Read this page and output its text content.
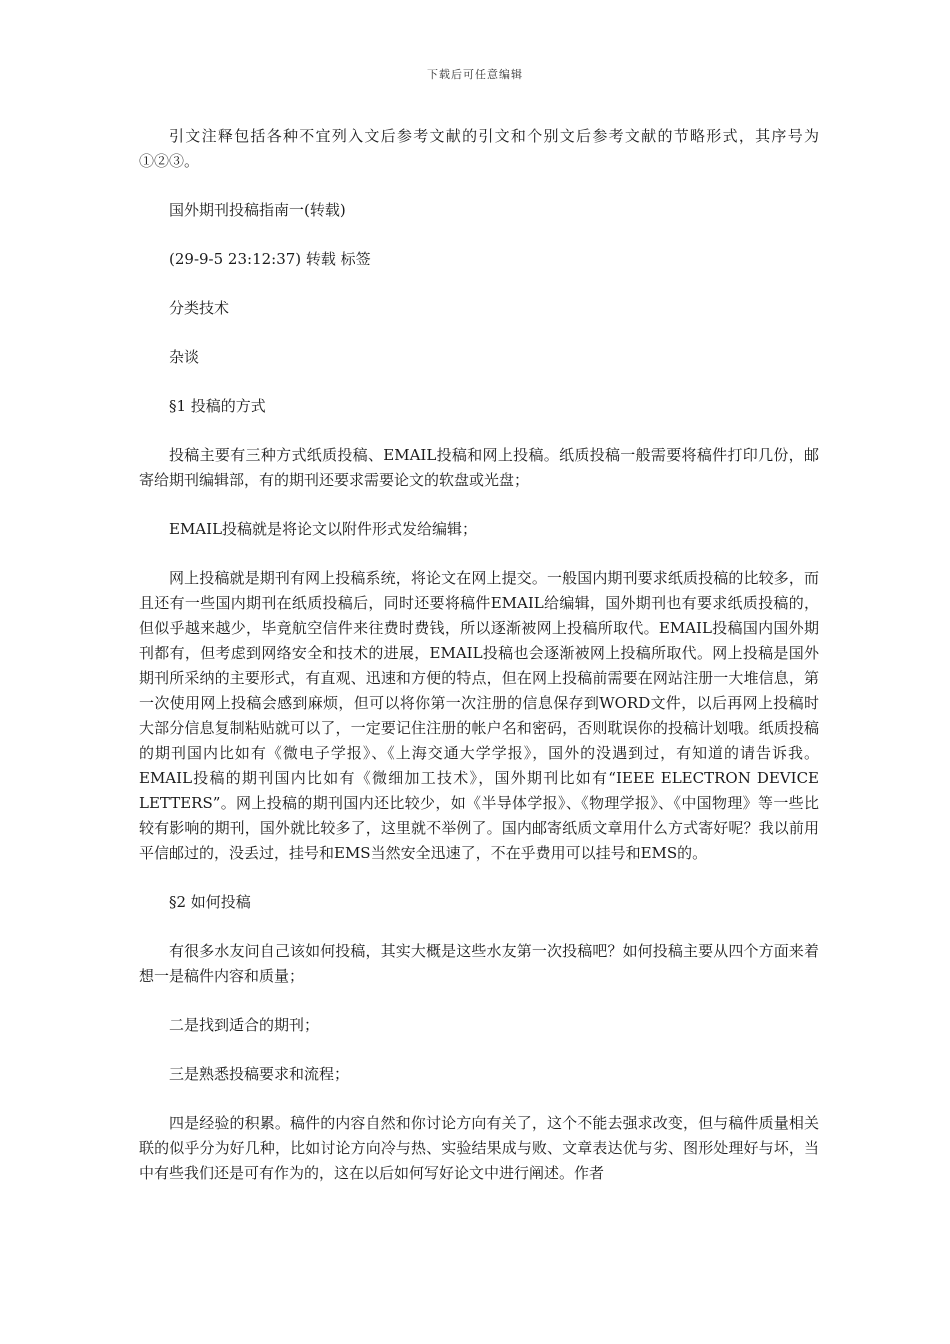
下载后可任意编辑

引文注释包括各种不宜列入文后参考文献的引文和个别文后参考文献的节略形式，其序号为①②③。

国外期刊投稿指南一(转载)

(29-9-5 23:12:37) 转载 标签

分类技术

杂谈

§1 投稿的方式

投稿主要有三种方式纸质投稿、EMAIL投稿和网上投稿。纸质投稿一般需要将稿件打印几份，邮寄给期刊编辑部，有的期刊还要求需要论文的软盘或光盘；

EMAIL投稿就是将论文以附件形式发给编辑；

网上投稿就是期刊有网上投稿系统，将论文在网上提交。一般国内期刊要求纸质投稿的比较多，而且还有一些国内期刊在纸质投稿后，同时还要将稿件EMAIL给编辑，国外期刊也有要求纸质投稿的，但似乎越来越少，毕竟航空信件来往费时费钱，所以逐渐被网上投稿所取代。EMAIL投稿国内国外期刊都有，但考虑到网络安全和技术的进展，EMAIL投稿也会逐渐被网上投稿所取代。网上投稿是国外期刊所采纳的主要形式，有直观、迅速和方便的特点，但在网上投稿前需要在网站注册一大堆信息，第一次使用网上投稿会感到麻烦，但可以将你第一次注册的信息保存到WORD文件，以后再网上投稿时大部分信息复制粘贴就可以了，一定要记住注册的帐户名和密码，否则耽误你的投稿计划哦。纸质投稿的期刊国内比如有《微电子学报》、《上海交通大学学报》，国外的没遇到过，有知道的请告诉我。EMAIL投稿的期刊国内比如有《微细加工技术》，国外期刊比如有“IEEE ELECTRON DEVICE LETTERS”。网上投稿的期刊国内还比较少，如《半导体学报》、《物理学报》、《中国物理》等一些比较有影响的期刊，国外就比较多了，这里就不举例了。国内邮寄纸质文章用什么方式寄好呢？我以前用平信邮过的，没丢过，挂号和EMS当然安全迅速了，不在乎费用可以挂号和EMS的。

§2 如何投稿

有很多水友问自己该如何投稿，其实大概是这些水友第一次投稿吧？如何投稿主要从四个方面来着想一是稿件内容和质量；

二是找到适合的期刊；

三是熟悉投稿要求和流程；

四是经验的积累。稿件的内容自然和你讨论方向有关了，这个不能去强求改变，但与稿件质量相关联的似乎分为好几种，比如讨论方向冷与热、实验结果成与败、文章表达优与劣、图形处理好与坏，当中有些我们还是可有作为的，这在以后如何写好论文中进行阐述。作者
